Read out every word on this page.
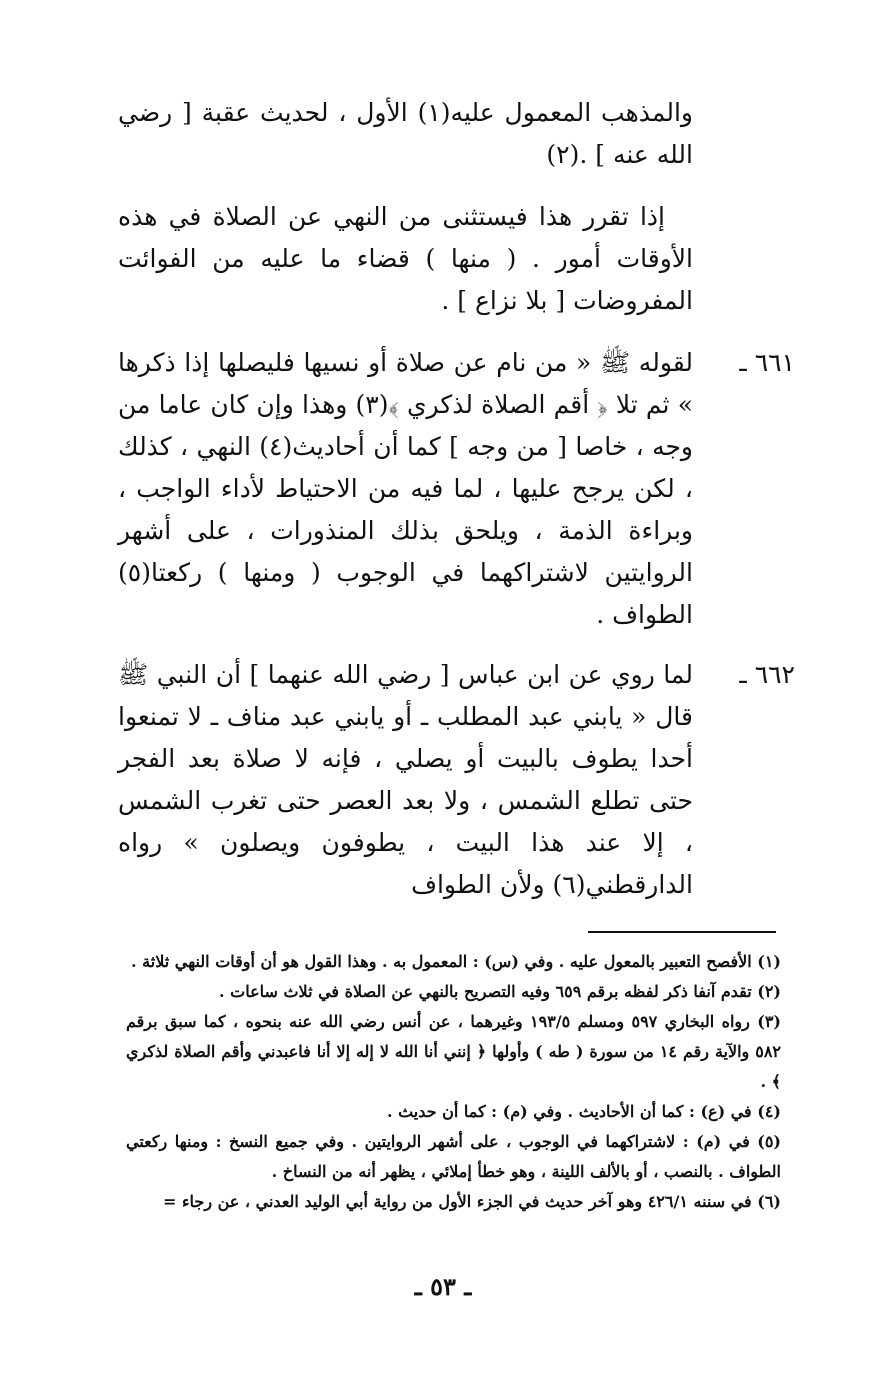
والمذهب المعمول عليه(١) الأول ، لحديث عقبة [ رضي الله عنه ] .(٢)

إذا تقرر هذا فيستثنى من النهي عن الصلاة في هذه الأوقات أمور . ( منها ) قضاء ما عليه من الفوائت المفروضات [ بلا نزاع ] .

٦٦١ ـ
لقوله ﷺ « من نام عن صلاة أو نسيها فليصلها إذا ذكرها » ثم تلا ﴿ أقم الصلاة لذكري ﴾(٣) وهذا وإن كان عاما من وجه ، خاصا [ من وجه ] كما أن أحاديث(٤) النهي ، كذلك ، لكن يرجح عليها ، لما فيه من الاحتياط لأداء الواجب ، وبراءة الذمة ، ويلحق بذلك المنذورات ، على أشهر الروايتين لاشتراكهما في الوجوب ( ومنها ) ركعتا(٥) الطواف .
٦٦٢ ـ
لما روي عن ابن عباس [ رضي الله عنهما ] أن النبي ﷺ قال « يابني عبد المطلب ـ أو يابني عبد مناف ـ لا تمنعوا أحدا يطوف بالبيت أو يصلي ، فإنه لا صلاة بعد الفجر حتى تطلع الشمس ، ولا بعد العصر حتى تغرب الشمس ، إلا عند هذا البيت ، يطوفون ويصلون » رواه الدارقطني(٦) ولأن الطواف

(١) الأفصح التعبير بالمعول عليه . وفي (س) : المعمول به . وهذا القول هو أن أوقات النهي ثلاثة .

(٢) تقدم آنفا ذكر لفظه برقم ٦٥٩ وفيه التصريح بالنهي عن الصلاة في ثلاث ساعات .

(٣) رواه البخاري ٥٩٧ ومسلم ١٩٣/٥ وغيرهما ، عن أنس رضي الله عنه بنحوه ، كما سبق برقم ٥٨٢ والآية رقم ١٤ من سورة ( طه ) وأولها ﴿ إنني أنا الله لا إله إلا أنا فاعبدني وأقم الصلاة لذكري ﴾ .

(٤) في (ع) : كما أن الأحاديث . وفي (م) : كما أن حديث .

(٥) في (م) : لاشتراكهما في الوجوب ، على أشهر الروايتين . وفي جميع النسخ : ومنها ركعتي الطواف . بالنصب ، أو بالألف اللينة ، وهو خطأ إملائي ، يظهر أنه من النساخ .

(٦) في سننه ٤٢٦/١ وهو آخر حديث في الجزء الأول من رواية أبي الوليد العدني ، عن رجاء =

ـ ٥٣ ـ
